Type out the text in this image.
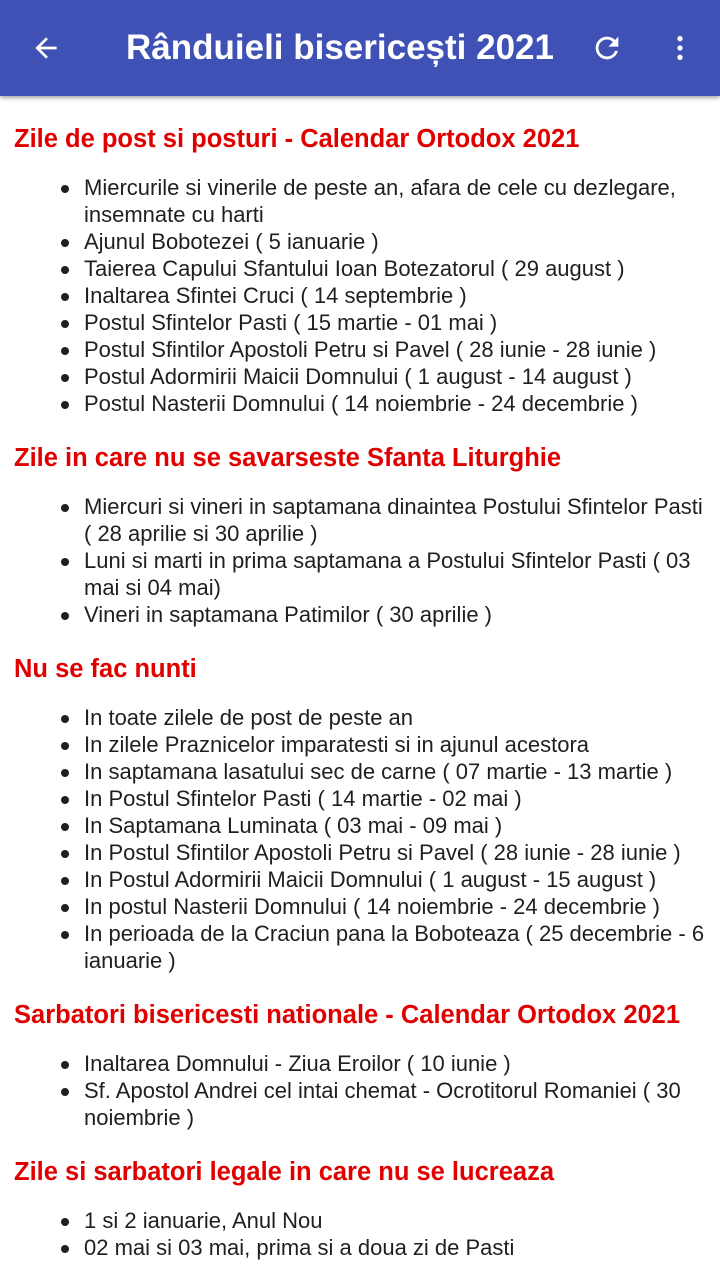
Rânduieli bisericești 2021
Zile de post si posturi - Calendar Ortodox 2021
Miercurile si vinerile de peste an, afara de cele cu dezlegare, insemnate cu harti
Ajunul Bobotezei ( 5 ianuarie )
Taierea Capului Sfantului Ioan Botezatorul ( 29 august )
Inaltarea Sfintei Cruci ( 14 septembrie )
Postul Sfintelor Pasti ( 15 martie - 01 mai )
Postul Sfintilor Apostoli Petru si Pavel ( 28 iunie - 28 iunie )
Postul Adormirii Maicii Domnului ( 1 august - 14 august )
Postul Nasterii Domnului ( 14 noiembrie - 24 decembrie )
Zile in care nu se savarseste Sfanta Liturghie
Miercuri si vineri in saptamana dinaintea Postului Sfintelor Pasti ( 28 aprilie si 30 aprilie )
Luni si marti in prima saptamana a Postului Sfintelor Pasti ( 03 mai si 04 mai)
Vineri in saptamana Patimilor ( 30 aprilie )
Nu se fac nunti
In toate zilele de post de peste an
In zilele Praznicelor imparatesti si in ajunul acestora
In saptamana lasatului sec de carne ( 07 martie - 13 martie )
In Postul Sfintelor Pasti ( 14 martie - 02 mai )
In Saptamana Luminata ( 03 mai - 09 mai )
In Postul Sfintilor Apostoli Petru si Pavel ( 28 iunie - 28 iunie )
In Postul Adormirii Maicii Domnului ( 1 august - 15 august )
In postul Nasterii Domnului ( 14 noiembrie - 24 decembrie )
In perioada de la Craciun pana la Boboteaza ( 25 decembrie - 6 ianuarie )
Sarbatori bisericesti nationale - Calendar Ortodox 2021
Inaltarea Domnului - Ziua Eroilor ( 10 iunie )
Sf. Apostol Andrei cel intai chemat - Ocrotitorul Romaniei ( 30 noiembrie )
Zile si sarbatori legale in care nu se lucreaza
1 si 2 ianuarie, Anul Nou
02 mai si 03 mai, prima si a doua zi de Pasti
